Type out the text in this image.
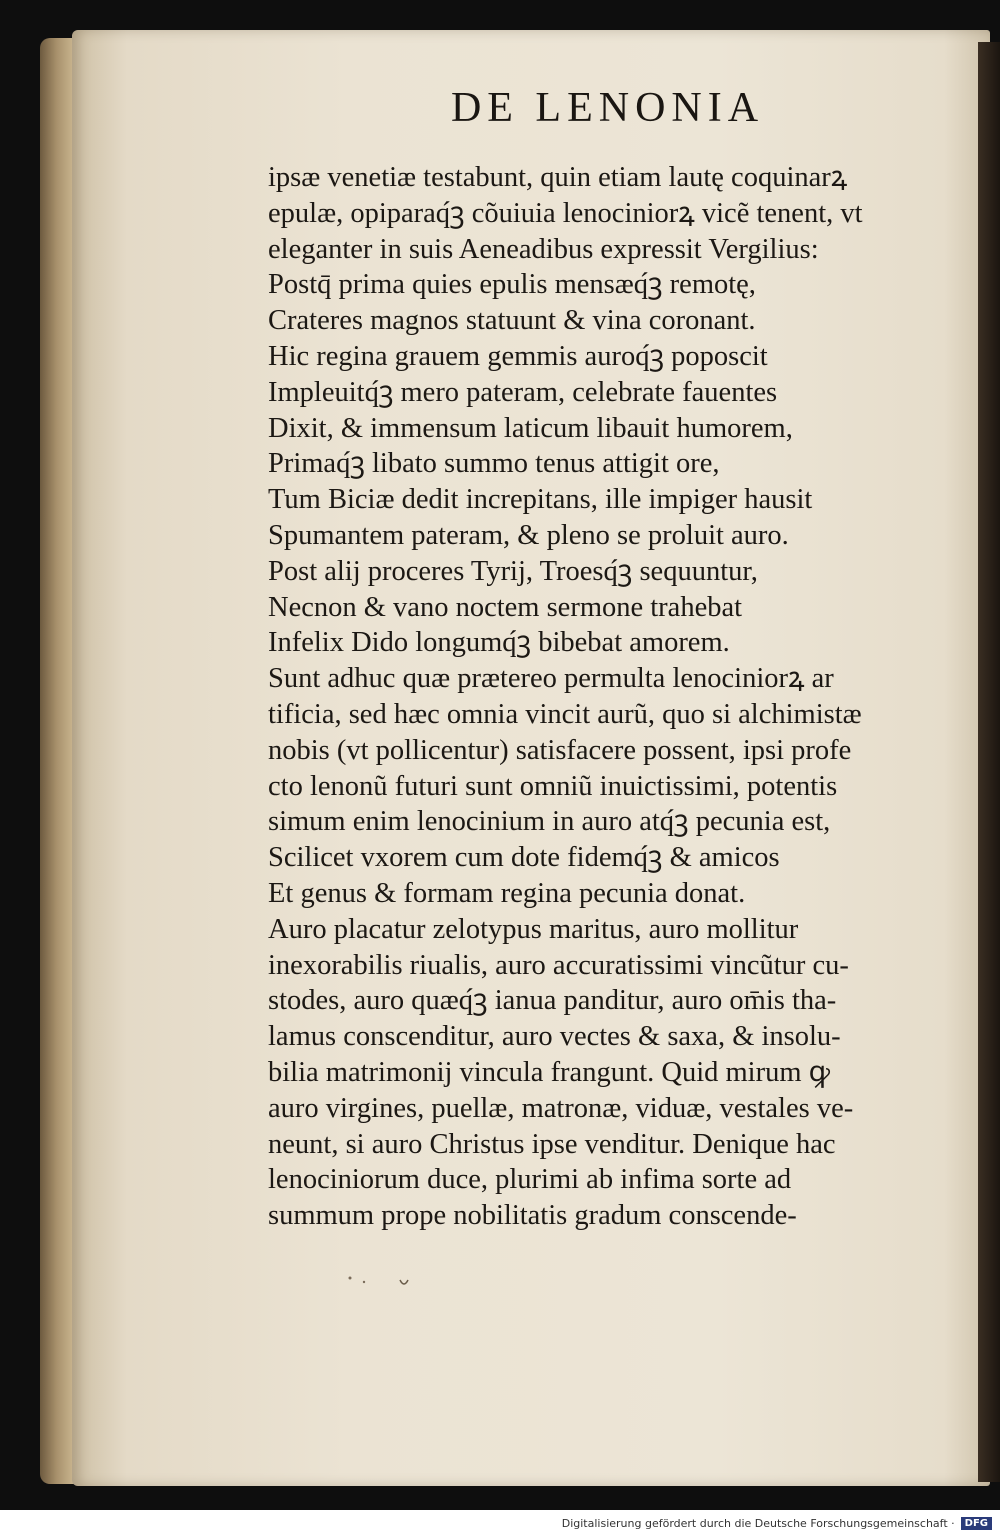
DE LENONIA
ipsæ venetiæ testabunt, quin etiam lautę coquinarꝝ
epulæ, opiparaq́ꝫ cõuiuia lenociniorꝝ vicẽ tenent, vt
eleganter in suis Aeneadibus expressit Vergilius:
Postq̄ prima quies epulis mensæq́ꝫ remotę,
Crateres magnos statuunt & vina coronant.
Hic regina grauem gemmis auroq́ꝫ poposcit
Impleuitq́ꝫ mero pateram, celebrate fauentes
Dixit, & immensum laticum libauit humorem,
Primaq́ꝫ libato summo tenus attigit ore,
Tum Biciæ dedit increpitans, ille impiger hausit
Spumantem pateram, & pleno se proluit auro.
Post alij proceres Tyrij, Troesq́ꝫ sequuntur,
Necnon & vano noctem sermone trahebat
Infelix Dido longumq́ꝫ bibebat amorem.
Sunt adhuc quæ prætereo permulta lenociniorꝝ ar
tificia, sed hæc omnia vincit aurũ, quo si alchimistæ
nobis (vt pollicentur) satisfacere possent, ipsi profe
cto lenonũ futuri sunt omniũ inuictissimi, potentis
simum enim lenocinium in auro atq́ꝫ pecunia est,
Scilicet vxorem cum dote fidemq́ꝫ & amicos
Et genus & formam regina pecunia donat.
Auro placatur zelotypus maritus, auro mollitur
inexorabilis riualis, auro accuratissimi vincũtur cu-
stodes, auro quæq́ꝫ ianua panditur, auro om̄is tha-
lamus conscenditur, auro vectes & saxa, & insolu-
bilia matrimonij vincula frangunt. Quid mirum ꝙ
auro virgines, puellæ, matronæ, viduæ, vestales ve-
neunt, si auro Christus ipse venditur. Denique hac
lenociniorum duce, plurimi ab infima sorte ad
summum prope nobilitatis gradum conscende-
Digitalisierung gefördert durch die Deutsche Forschungsgemeinschaft ·	DFG
